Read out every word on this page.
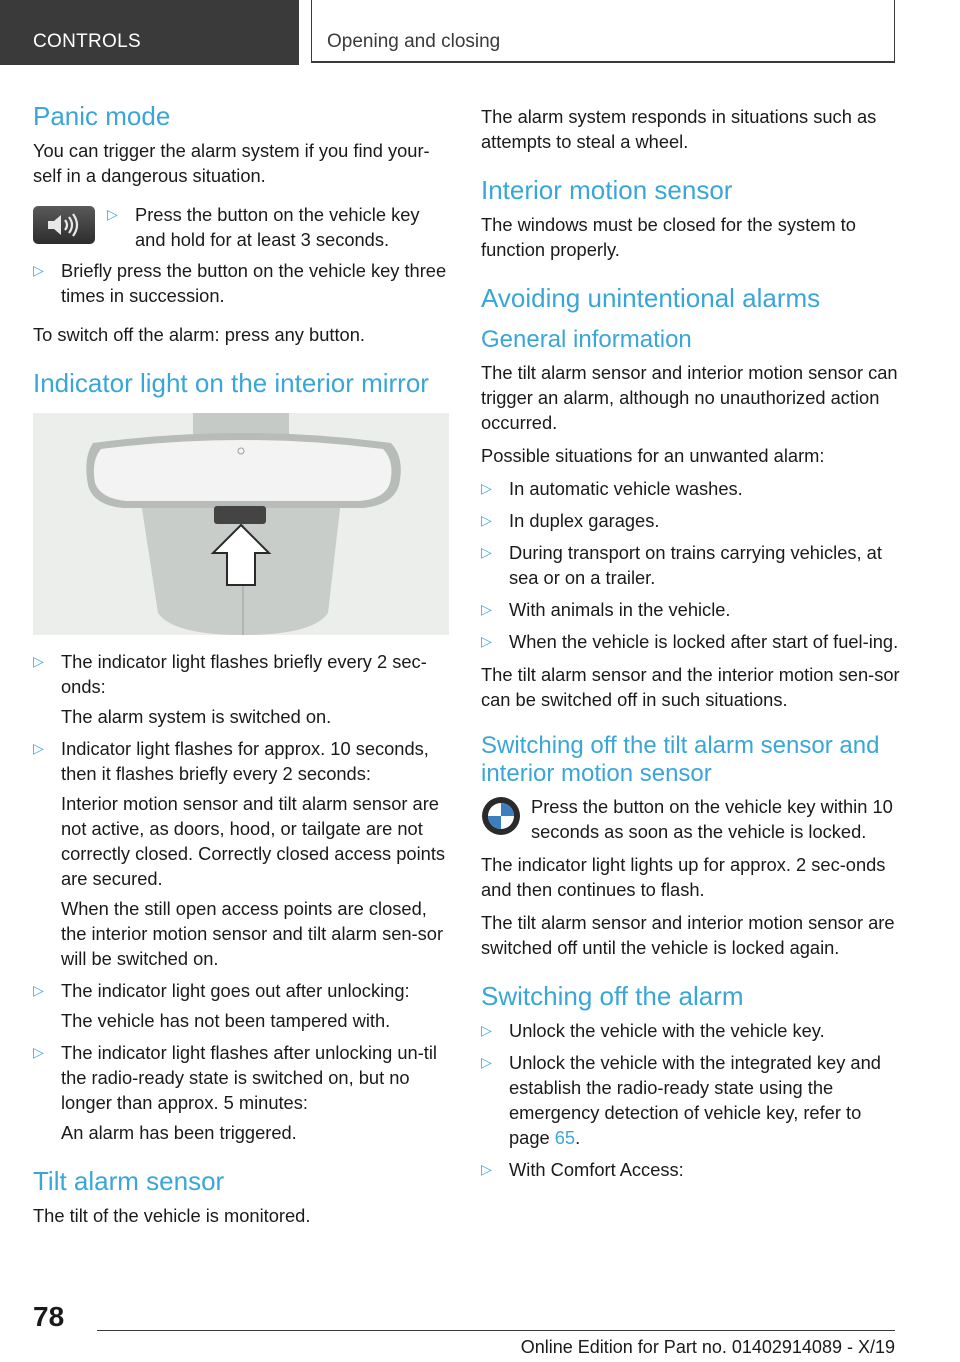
CONTROLS	Opening and closing
Panic mode

You can trigger the alarm system if you find your-self in a dangerous situation.

▷ Press the button on the vehicle key and hold for at least 3 seconds.
▷ Briefly press the button on the vehicle key three times in succession.

To switch off the alarm: press any button.

Indicator light on the interior mirror
▷ The indicator light flashes briefly every 2 sec-onds:

The alarm system is switched on.

▷ Indicator light flashes for approx. 10 seconds, then it flashes briefly every 2 seconds:

Interior motion sensor and tilt alarm sensor are not active, as doors, hood, or tailgate are not correctly closed. Correctly closed access points are secured.

When the still open access points are closed, the interior motion sensor and tilt alarm sen-sor will be switched on.

▷ The indicator light goes out after unlocking:

The vehicle has not been tampered with.

▷ The indicator light flashes after unlocking un-til the radio-ready state is switched on, but no longer than approx. 5 minutes:

An alarm has been triggered.

Tilt alarm sensor

The tilt of the vehicle is monitored.

The alarm system responds in situations such as attempts to steal a wheel.

Interior motion sensor

The windows must be closed for the system to function properly.

Avoiding unintentional alarms
General information

The tilt alarm sensor and interior motion sensor can trigger an alarm, although no unauthorized action occurred.

Possible situations for an unwanted alarm:

▷ In automatic vehicle washes.
▷ In duplex garages.
▷ During transport on trains carrying vehicles, at sea or on a trailer.
▷ With animals in the vehicle.
▷ When the vehicle is locked after start of fuel-ing.

The tilt alarm sensor and the interior motion sen-sor can be switched off in such situations.

Switching off the tilt alarm sensor and interior motion sensor

Press the button on the vehicle key within 10 seconds as soon as the vehicle is locked.

The indicator light lights up for approx. 2 sec-onds and then continues to flash.

The tilt alarm sensor and interior motion sensor are switched off until the vehicle is locked again.

Switching off the alarm
▷ Unlock the vehicle with the vehicle key.
▷ Unlock the vehicle with the integrated key and establish the radio-ready state using the emergency detection of vehicle key, refer to page 65.
▷ With Comfort Access:
78
Online Edition for Part no. 01402914089 - X/19
